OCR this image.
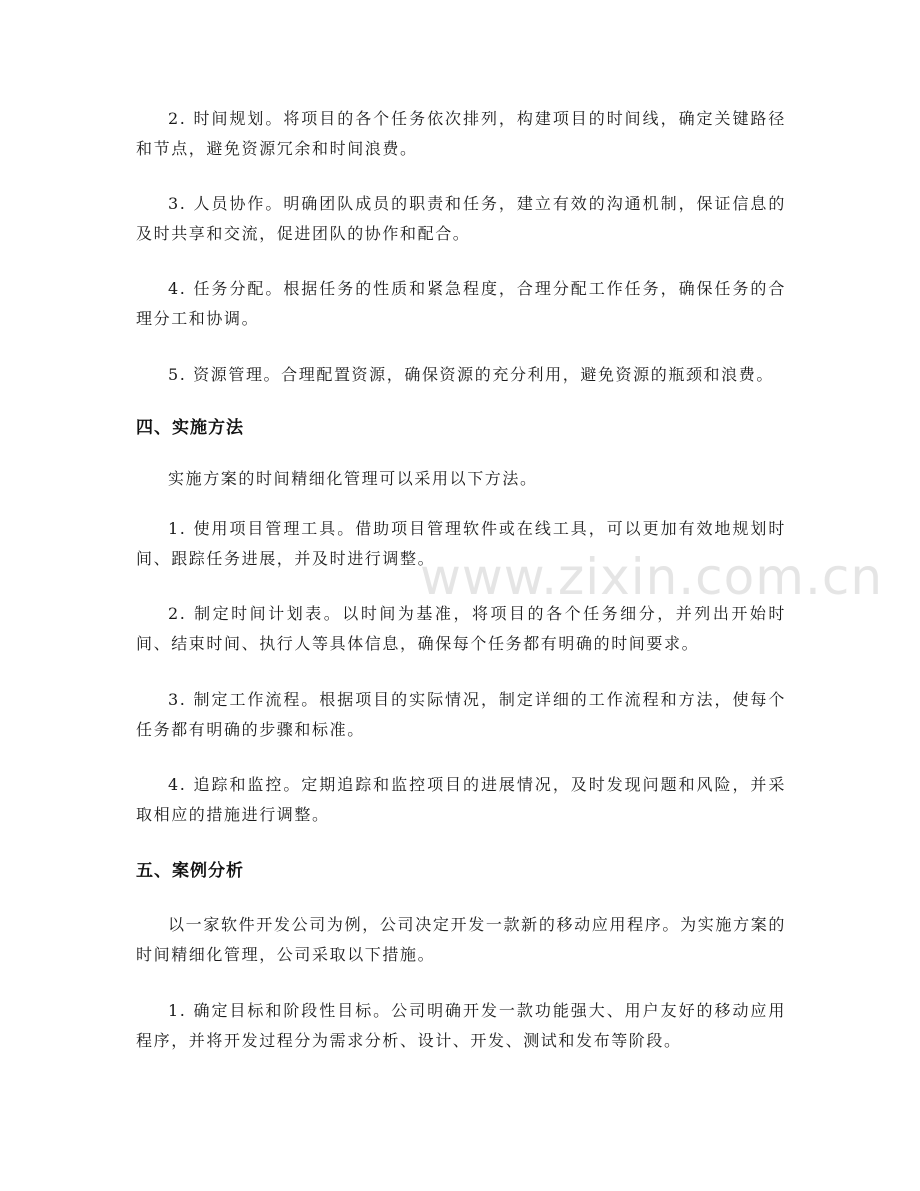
2. 时间规划。将项目的各个任务依次排列，构建项目的时间线，确定关键路径和节点，避免资源冗余和时间浪费。

3. 人员协作。明确团队成员的职责和任务，建立有效的沟通机制，保证信息的及时共享和交流，促进团队的协作和配合。

4. 任务分配。根据任务的性质和紧急程度，合理分配工作任务，确保任务的合理分工和协调。

5. 资源管理。合理配置资源，确保资源的充分利用，避免资源的瓶颈和浪费。

四、实施方法

实施方案的时间精细化管理可以采用以下方法。

1. 使用项目管理工具。借助项目管理软件或在线工具，可以更加有效地规划时间、跟踪任务进展，并及时进行调整。

2. 制定时间计划表。以时间为基准，将项目的各个任务细分，并列出开始时间、结束时间、执行人等具体信息，确保每个任务都有明确的时间要求。

3. 制定工作流程。根据项目的实际情况，制定详细的工作流程和方法，使每个任务都有明确的步骤和标准。

4. 追踪和监控。定期追踪和监控项目的进展情况，及时发现问题和风险，并采取相应的措施进行调整。

五、案例分析

以一家软件开发公司为例，公司决定开发一款新的移动应用程序。为实施方案的时间精细化管理，公司采取以下措施。

1. 确定目标和阶段性目标。公司明确开发一款功能强大、用户友好的移动应用程序，并将开发过程分为需求分析、设计、开发、测试和发布等阶段。

www.zixin.com.cn
